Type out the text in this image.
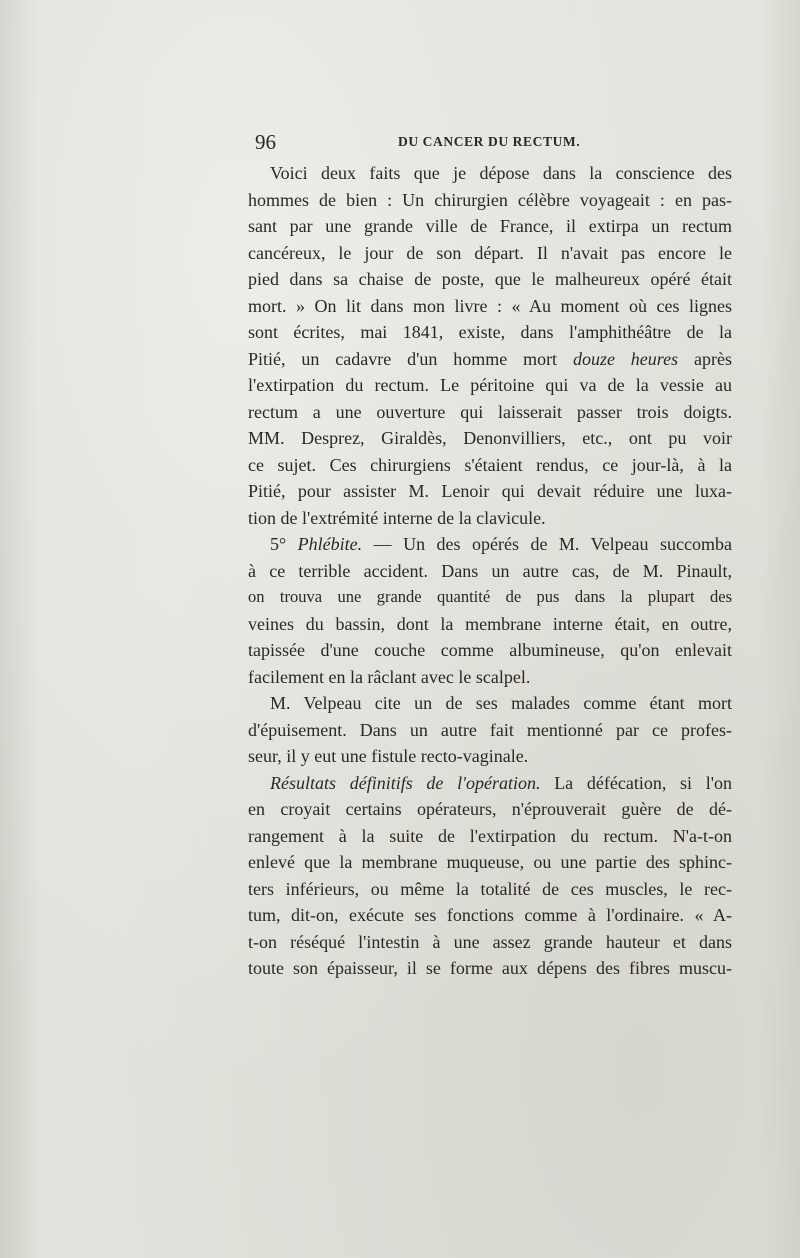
96	DU CANCER DU RECTUM.
Voici deux faits que je dépose dans la conscience des
hommes de bien : Un chirurgien célèbre voyageait : en pas-
sant par une grande ville de France, il extirpa un rectum
cancéreux, le jour de son départ. Il n'avait pas encore le
pied dans sa chaise de poste, que le malheureux opéré était
mort. » On lit dans mon livre : « Au moment où ces lignes
sont écrites, mai 1841, existe, dans l'amphithéâtre de la
Pitié, un cadavre d'un homme mort douze heures après
l'extirpation du rectum. Le péritoine qui va de la vessie au
rectum a une ouverture qui laisserait passer trois doigts.
MM. Desprez, Giraldès, Denonvilliers, etc., ont pu voir
ce sujet. Ces chirurgiens s'étaient rendus, ce jour-là, à la
Pitié, pour assister M. Lenoir qui devait réduire une luxa-
tion de l'extrémité interne de la clavicule.
5° Phlébite. — Un des opérés de M. Velpeau succomba
à ce terrible accident. Dans un autre cas, de M. Pinault,
on trouva une grande quantité de pus dans la plupart des
veines du bassin, dont la membrane interne était, en outre,
tapissée d'une couche comme albumineuse, qu'on enlevait
facilement en la râclant avec le scalpel.
M. Velpeau cite un de ses malades comme étant mort
d'épuisement. Dans un autre fait mentionné par ce profes-
seur, il y eut une fistule recto-vaginale.
Résultats définitifs de l'opération. La défécation, si l'on
en croyait certains opérateurs, n'éprouverait guère de dé-
rangement à la suite de l'extirpation du rectum. N'a-t-on
enlevé que la membrane muqueuse, ou une partie des sphinc-
ters inférieurs, ou même la totalité de ces muscles, le rec-
tum, dit-on, exécute ses fonctions comme à l'ordinaire. « A-
t-on réséqué l'intestin à une assez grande hauteur et dans
toute son épaisseur, il se forme aux dépens des fibres muscu-
